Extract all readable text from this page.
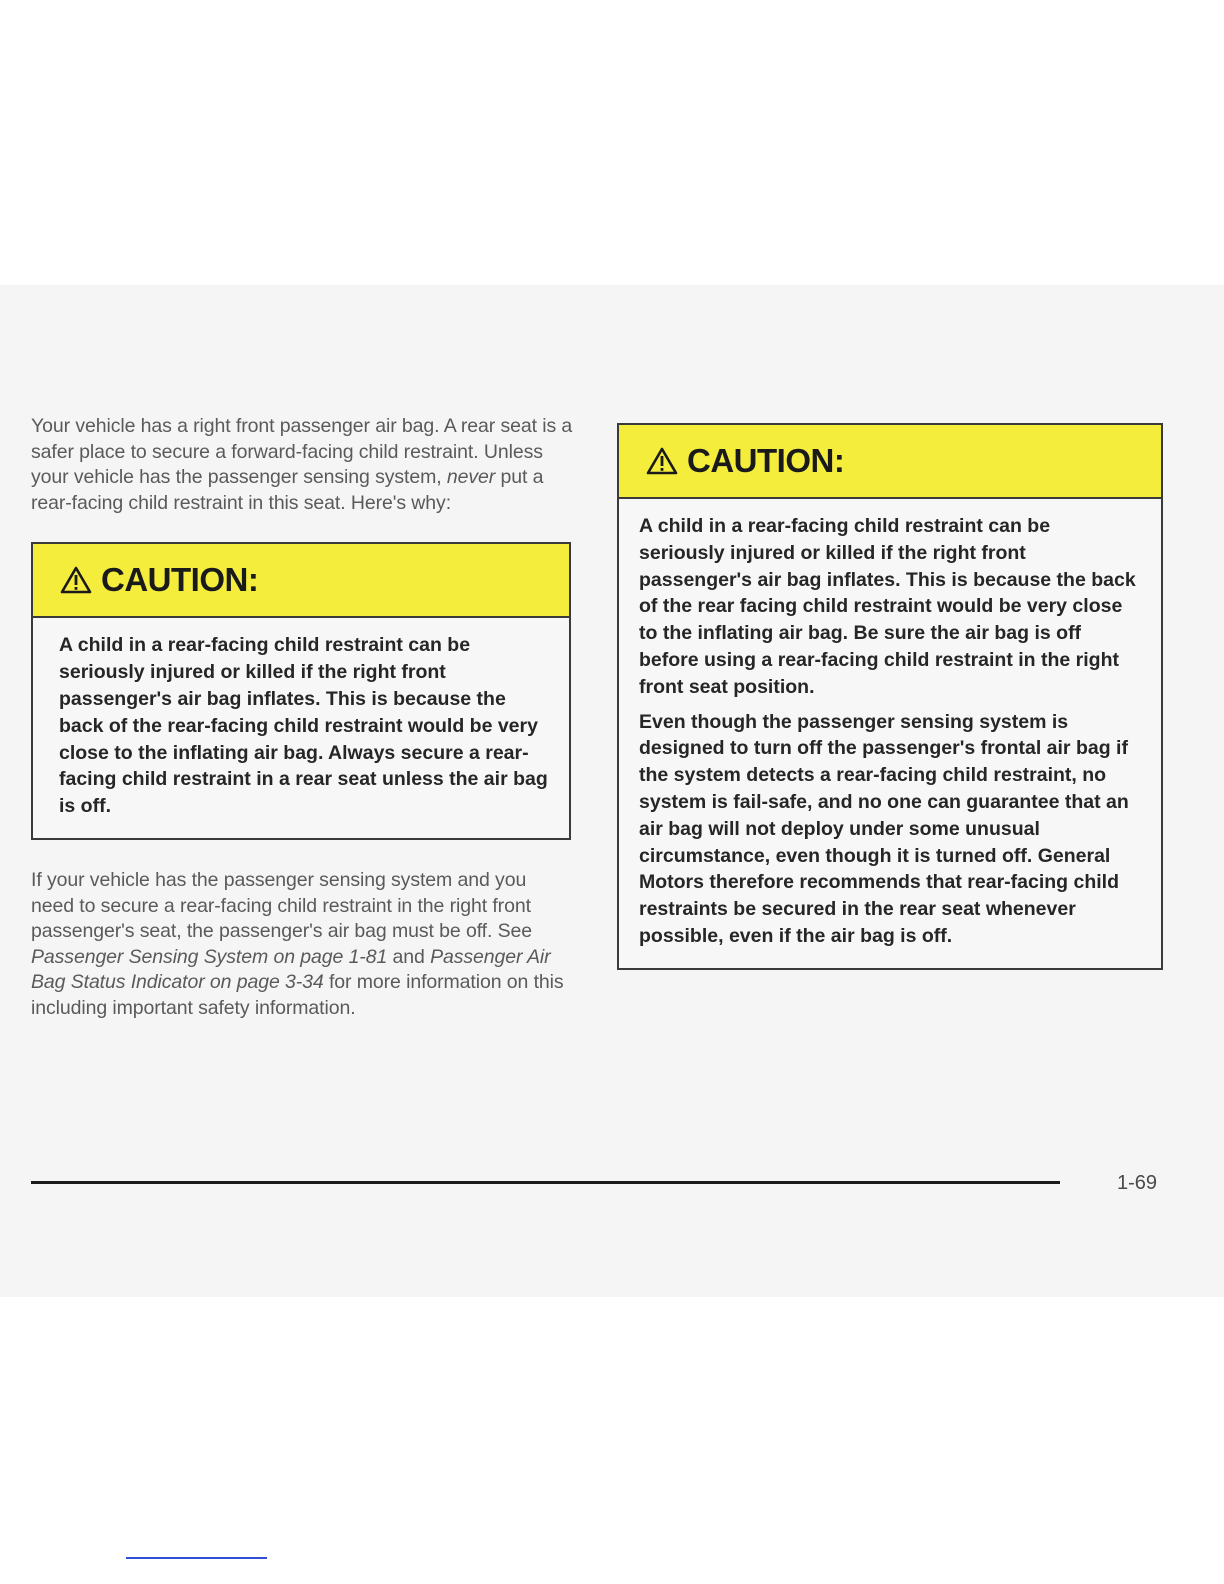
Your vehicle has a right front passenger air bag. A rear seat is a safer place to secure a forward-facing child restraint. Unless your vehicle has the passenger sensing system, never put a rear-facing child restraint in this seat. Here's why:

CAUTION:

A child in a rear-facing child restraint can be seriously injured or killed if the right front passenger's air bag inflates. This is because the back of the rear-facing child restraint would be very close to the inflating air bag. Always secure a rear-facing child restraint in a rear seat unless the air bag is off.

If your vehicle has the passenger sensing system and you need to secure a rear-facing child restraint in the right front passenger's seat, the passenger's air bag must be off. See Passenger Sensing System on page 1-81 and Passenger Air Bag Status Indicator on page 3-34 for more information on this including important safety information.

CAUTION:

A child in a rear-facing child restraint can be seriously injured or killed if the right front passenger's air bag inflates. This is because the back of the rear facing child restraint would be very close to the inflating air bag. Be sure the air bag is off before using a rear-facing child restraint in the right front seat position.

Even though the passenger sensing system is designed to turn off the passenger's frontal air bag if the system detects a rear-facing child restraint, no system is fail-safe, and no one can guarantee that an air bag will not deploy under some unusual circumstance, even though it is turned off. General Motors therefore recommends that rear-facing child restraints be secured in the rear seat whenever possible, even if the air bag is off.

1-69
